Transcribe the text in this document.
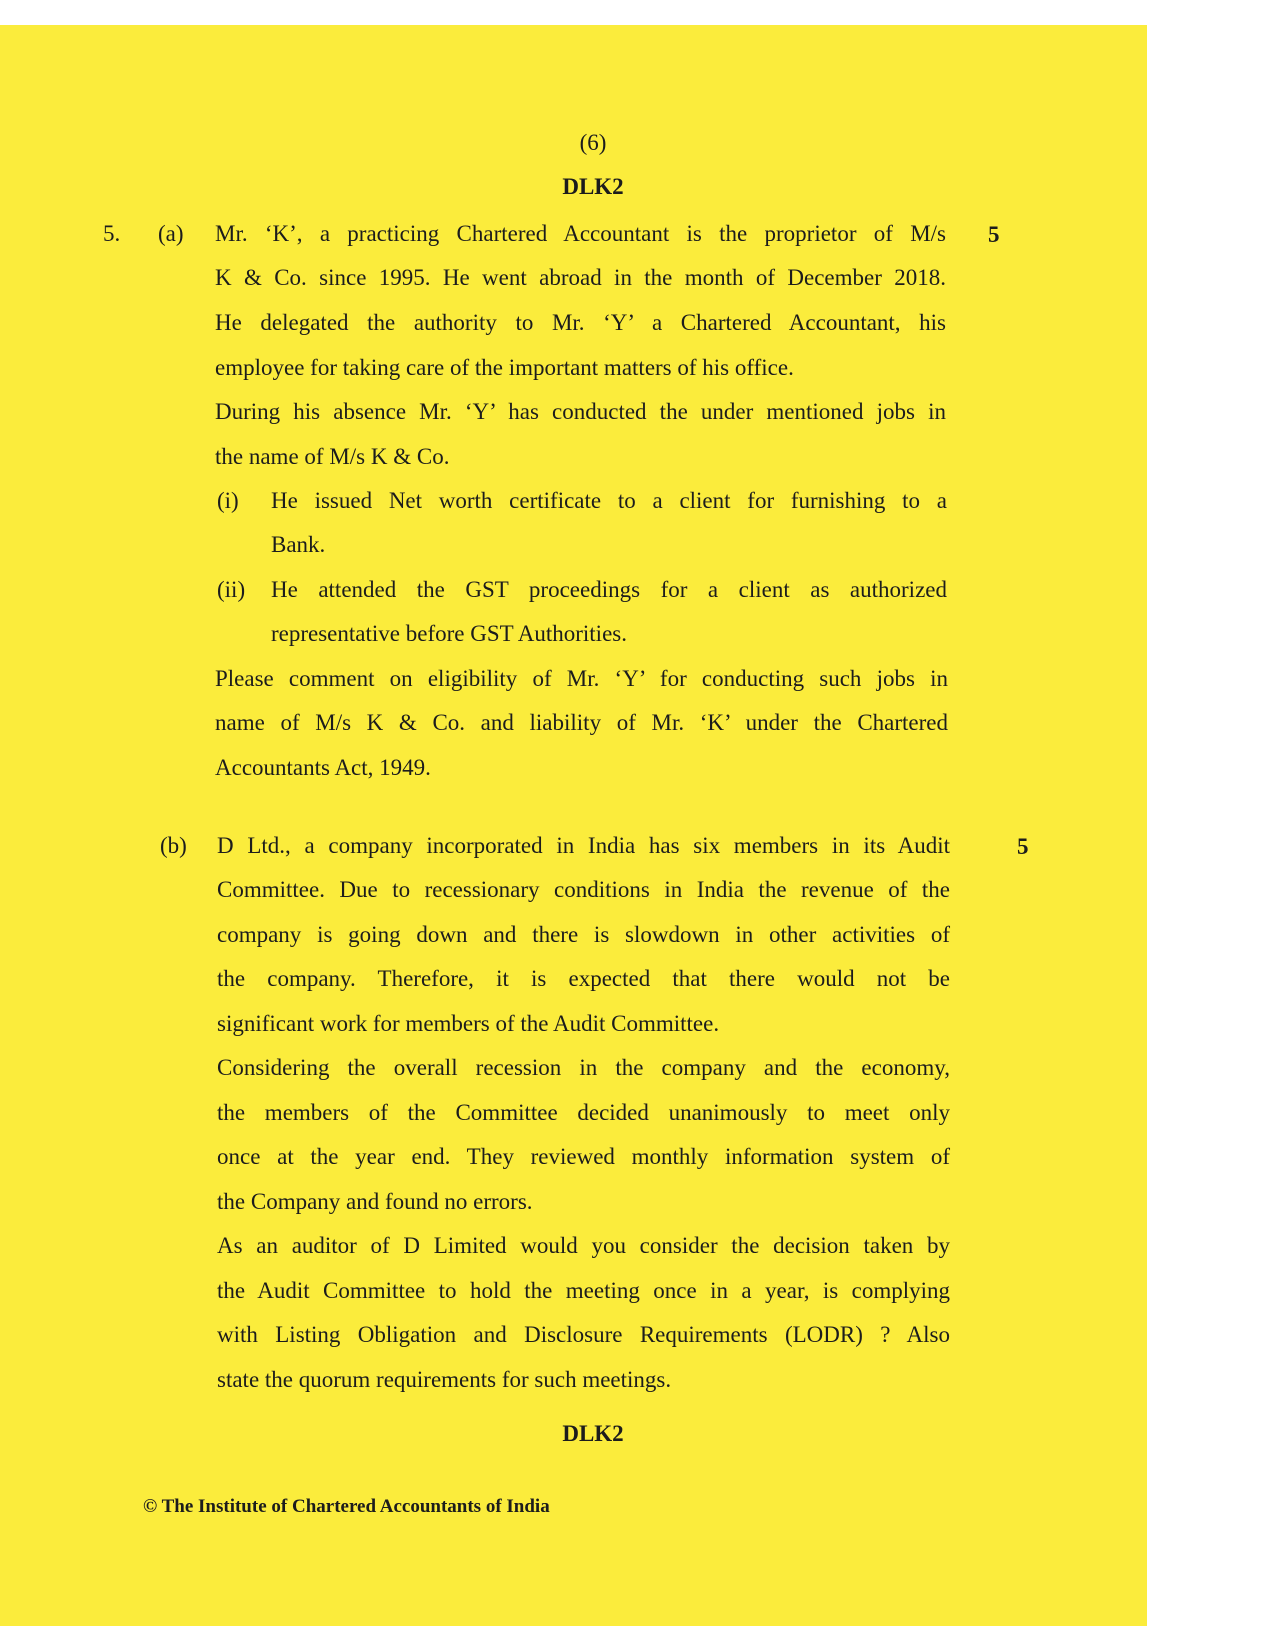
(6)
DLK2
5. (a)	5
Mr. ‘K’, a practicing Chartered Accountant is the proprietor of M/s
K & Co. since 1995. He went abroad in the month of December 2018.
He delegated the authority to Mr. ‘Y’ a Chartered Accountant, his
employee for taking care of the important matters of his office.
During his absence Mr. ‘Y’ has conducted the under mentioned jobs in
the name of M/s K & Co.
(i) He issued Net worth certificate to a client for furnishing to a
Bank.
(ii) He attended the GST proceedings for a client as authorized
representative before GST Authorities.
Please comment on eligibility of Mr. ‘Y’ for conducting such jobs in
name of M/s K & Co. and liability of Mr. ‘K’ under the Chartered
Accountants Act, 1949.
(b)	5
D Ltd., a company incorporated in India has six members in its Audit
Committee. Due to recessionary conditions in India the revenue of the
company is going down and there is slowdown in other activities of
the company. Therefore, it is expected that there would not be
significant work for members of the Audit Committee.
Considering the overall recession in the company and the economy,
the members of the Committee decided unanimously to meet only
once at the year end. They reviewed monthly information system of
the Company and found no errors.
As an auditor of D Limited would you consider the decision taken by
the Audit Committee to hold the meeting once in a year, is complying
with Listing Obligation and Disclosure Requirements (LODR) ? Also
state the quorum requirements for such meetings.
DLK2
© The Institute of Chartered Accountants of India
